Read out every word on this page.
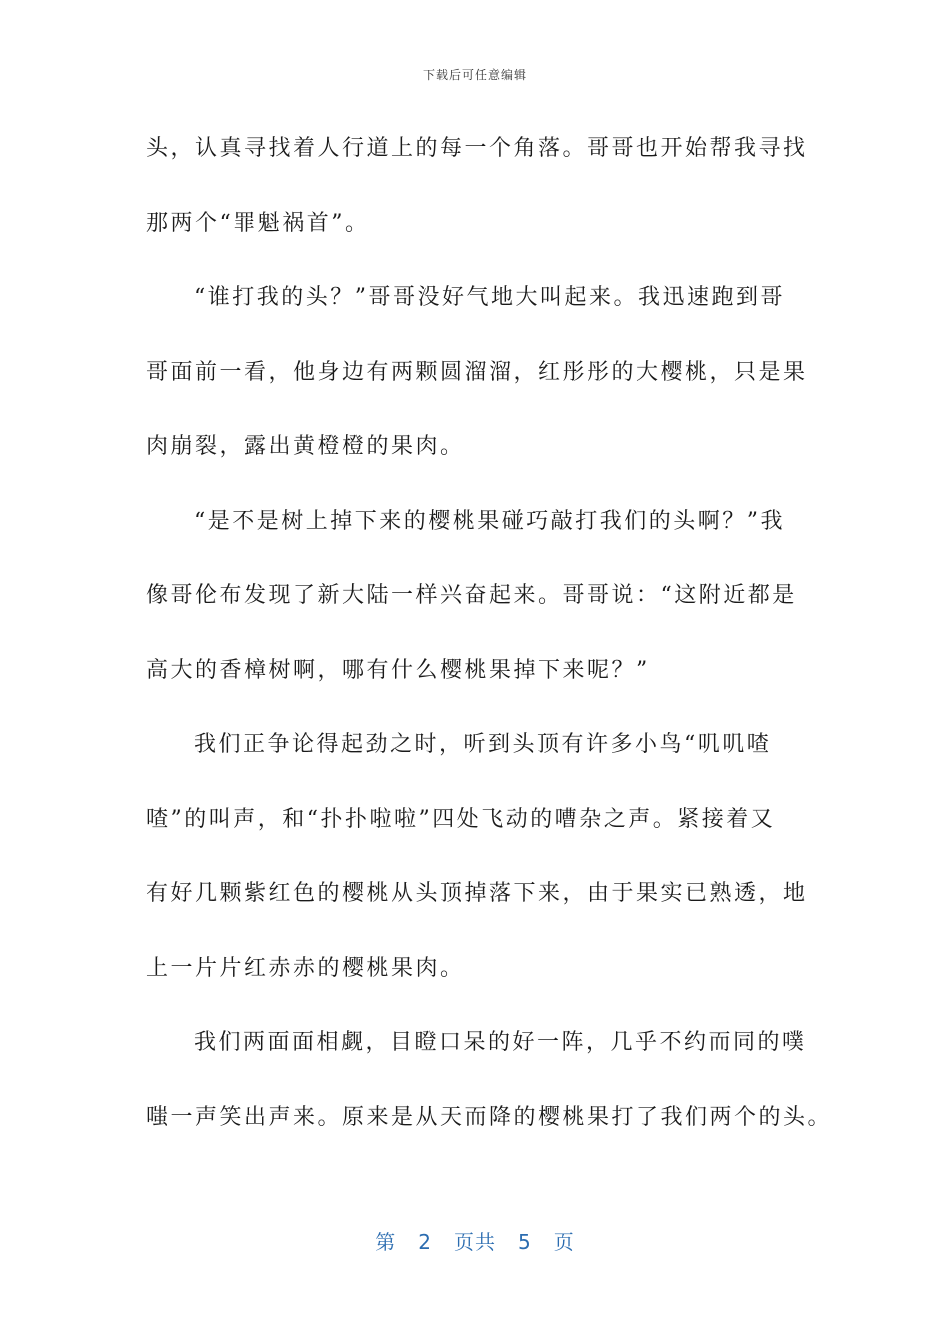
下载后可任意编辑
头，认真寻找着人行道上的每一个角落。哥哥也开始帮我寻找
那两个“罪魁祸首”。
“谁打我的头？”哥哥没好气地大叫起来。我迅速跑到哥
哥面前一看，他身边有两颗圆溜溜，红彤彤的大樱桃，只是果
肉崩裂，露出黄橙橙的果肉。
“是不是树上掉下来的樱桃果碰巧敲打我们的头啊？”我
像哥伦布发现了新大陆一样兴奋起来。哥哥说：“这附近都是
高大的香樟树啊，哪有什么樱桃果掉下来呢？”
我们正争论得起劲之时，听到头顶有许多小鸟“叽叽喳
喳”的叫声，和“扑扑啦啦”四处飞动的嘈杂之声。紧接着又
有好几颗紫红色的樱桃从头顶掉落下来，由于果实已熟透，地
上一片片红赤赤的樱桃果肉。
我们两面面相觑，目瞪口呆的好一阵，几乎不约而同的噗
嗤一声笑出声来。原来是从天而降的樱桃果打了我们两个的头。
第 2 页共 5 页
